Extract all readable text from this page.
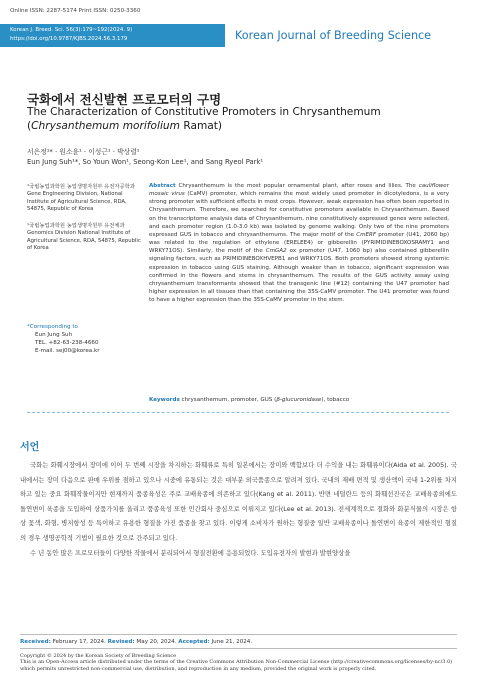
Online ISSN: 2287-5174 Print ISSN: 0250-3360
Korean J. Breed. Sci. 56(3):179~192(2024. 9)
https://doi.org/10.9787/KJBS.2024.56.3.179	Korean Journal of Breeding Science
국화에서 전신발현 프로모터의 구명
The Characterization of Constitutive Promoters in Chrysanthemum (Chrysanthemum morifolium Ramat)
서은정¹* · 원소윤¹ · 이성근¹ · 박상렬¹
Eun Jung Suh¹*, So Youn Won¹, Seong-Kon Lee¹, and Sang Ryeol Park¹
¹국립농업과학원 농업생명자원부 유전자공학과 Gene Engineering Division, National Institute of Agricultural Science, RDA, 54875, Republic of Korea
¹국립농업과학원 농업생명자원부 유전체과 Genomics Division National Institute of Agricultural Science, RDA, 54875, Republic of Korea
*Corresponding to
Eun Jung Suh
TEL. +82-63-238-4660
E-mail. sej00@korea.kr
Abstract Chrysanthemum is the most popular ornamental plant, after roses and lilies. The cauliflower mosaic virus (CaMV) promoter, which remains the most widely used promoter in dicotyledons, is a very strong promoter with sufficient effects in most crops. However, weak expression has often been reported in Chrysanthemum. Therefore, we searched for constitutive promoters available in Chrysanthemum. Based on the transcriptome analysis data of Chrysanthemum, nine constitutively expressed genes were selected, and each promoter region (1.0-3.0 kb) was isolated by genome walking. Only two of the nine promoters expressed GUS in tobacco and chrysanthemums. The major motif of the CmERF promoter (U41, 2060 bp) was related to the regulation of ethylene (ERELEE4) or gibberellin (PYRIMIDINEBOXOSRAMY1 and WRKY71OS). Similarly, the motif of the CmGA2 ox promoter (U47, 1060 bp) also contained gibberellin signaling factors, such as PRIMIDINEBOXHVEPB1 and WRKY71OS. Both promoters showed strong systemic expression in tobacco using GUS staining. Although weaker than in tobacco, significant expression was confirmed in the flowers and stems in chrysanthemum. The results of the GUS activity assay using chrysanthemum transformants showed that the transgenic line (#12) containing the U47 promoter had higher expression in all tissues than that containing the 35S-CaMV promoter. The U41 promoter was found to have a higher expression than the 35S-CaMV promoter in the stem.
Keywords chrysanthemum, promoter, GUS (β-glucuronidase), tobacco
서언

국화는 화훼시장에서 장미에 이어 두 번째 시장을 차지하는 화훼류로 특히 일본에서는 장미와 백합보다 더 수익을 내는 화훼류이다(Aida et al. 2005). 국내에서는 장미 다음으로 판매 우위를 점하고 있으나 시중에 유통되는 것은 대부분 외국품종으로 알려져 있다. 국내의 재배 면적 및 생산액이 국내 1-2위를 차지 하고 있는 중요 화훼작물이지만 현재까지 품종육성은 주로 교배육종에 의존하고 있다(Kang et al. 2011). 반면 네덜란드 등의 화훼선진국은 교배육종외에도 돌연변이 육종을 도입하여 상품가치를 올리고 품종육성 또한 민간회사 중심으로 이뤄지고 있다(Lee et al. 2013). 전세계적으로 절화와 화분식물의 시장은 항상 꽃색, 화형, 병저항성 등 특이하고 유용한 형질을 가진 품종을 찾고 있다. 이렇게 소비자가 원하는 형질중 일반 교배육종이나 돌연변이 육종이 제한적인 형질의 경우 생명공학적 기법이 필요한 것으로 간주되고 있다.

수 년 동안 많은 프로모터들이 다양한 작물에서 분리되어서 형질전환에 응용되었다. 도입유전자의 발현과 발현양상을

Received: February 17, 2024. Revised: May 20, 2024. Accepted: June 21, 2024.
Copyright © 2024 by the Korean Society of Breeding Science
This is an Open-Access article distributed under the terms of the Creative Commons Attribution Non-Commercial License (http://creativecommons.org/licenses/by-nc/3.0) which permits unrestricted non-commercial use, distribution, and reproduction in any medium, provided the original work is properly cited.
